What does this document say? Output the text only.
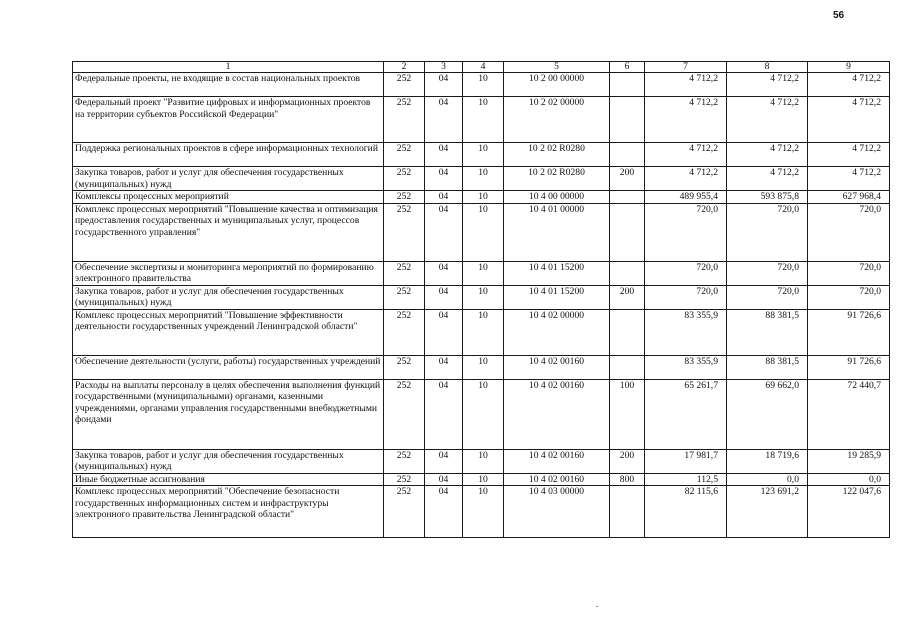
56
1	2	3	4	5	6	7	8	9
Федеральные проекты, не входящие в состав национальных проектов	252	04	10	10 2 00 00000		4 712,2	4 712,2	4 712,2
Федеральный проект "Развитие цифровых и информационных проектов на территории субъектов Российской Федерации"	252	04	10	10 2 02 00000		4 712,2	4 712,2	4 712,2
Поддержка региональных проектов в сфере информационных технологий	252	04	10	10 2 02 R0280		4 712,2	4 712,2	4 712,2
Закупка товаров, работ и услуг для обеспечения государственных (муниципальных) нужд	252	04	10	10 2 02 R0280	200	4 712,2	4 712,2	4 712,2
Комплексы процессных мероприятий	252	04	10	10 4 00 00000		489 955,4	593 875,8	627 968,4
Комплекс процессных мероприятий "Повышение качества и оптимизация предоставления государственных и муниципальных услуг, процессов государственного управления"	252	04	10	10 4 01 00000		720,0	720,0	720,0
Обеспечение экспертизы и мониторинга мероприятий по формированию электронного правительства	252	04	10	10 4 01 15200		720,0	720,0	720,0
Закупка товаров, работ и услуг для обеспечения государственных (муниципальных) нужд	252	04	10	10 4 01 15200	200	720,0	720,0	720,0
Комплекс процессных мероприятий "Повышение эффективности деятельности государственных учреждений Ленинградской области"	252	04	10	10 4 02 00000		83 355,9	88 381,5	91 726,6
Обеспечение деятельности (услуги, работы) государственных учреждений	252	04	10	10 4 02 00160		83 355,9	88 381,5	91 726,6
Расходы на выплаты персоналу в целях обеспечения выполнения функций государственными (муниципальными) органами, казенными учреждениями, органами управления государственными внебюджетными фондами	252	04	10	10 4 02 00160	100	65 261,7	69 662,0	72 440,7
Закупка товаров, работ и услуг для обеспечения государственных (муниципальных) нужд	252	04	10	10 4 02 00160	200	17 981,7	18 719,6	19 285,9
Иные бюджетные ассигнования	252	04	10	10 4 02 00160	800	112,5	0,0	0,0
Комплекс процессных мероприятий "Обеспечение безопасности государственных информационных систем и инфраструктуры электронного правительства Ленинградской области"	252	04	10	10 4 03 00000		82 115,6	123 691,2	122 047,6
